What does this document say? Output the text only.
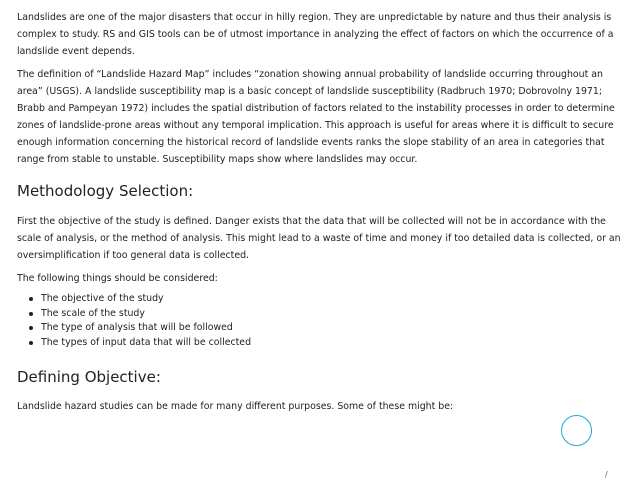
Landslides are one of the major disasters that occur in hilly region. They are unpredictable by nature and thus their analysis is complex to study. RS and GIS tools can be of utmost importance in analyzing the effect of factors on which the occurrence of a landslide event depends.

The definition of “Landslide Hazard Map” includes “zonation showing annual probability of landslide occurring throughout an area” (USGS). A landslide susceptibility map is a basic concept of landslide susceptibility (Radbruch 1970; Dobrovolny 1971; Brabb and Pampeyan 1972) includes the spatial distribution of factors related to the instability processes in order to determine zones of landslide-prone areas without any temporal implication. This approach is useful for areas where it is difficult to secure enough information concerning the historical record of landslide events ranks the slope stability of an area in categories that range from stable to unstable. Susceptibility maps show where landslides may occur.

Methodology Selection:

First the objective of the study is defined. Danger exists that the data that will be collected will not be in accordance with the scale of analysis, or the method of analysis. This might lead to a waste of time and money if too detailed data is collected, or an oversimplification if too general data is collected.

The following things should be considered:

The objective of the study
The scale of the study
The type of analysis that will be followed
The types of input data that will be collected
Defining Objective:

Landslide hazard studies can be made for many different purposes. Some of these might be:

/
